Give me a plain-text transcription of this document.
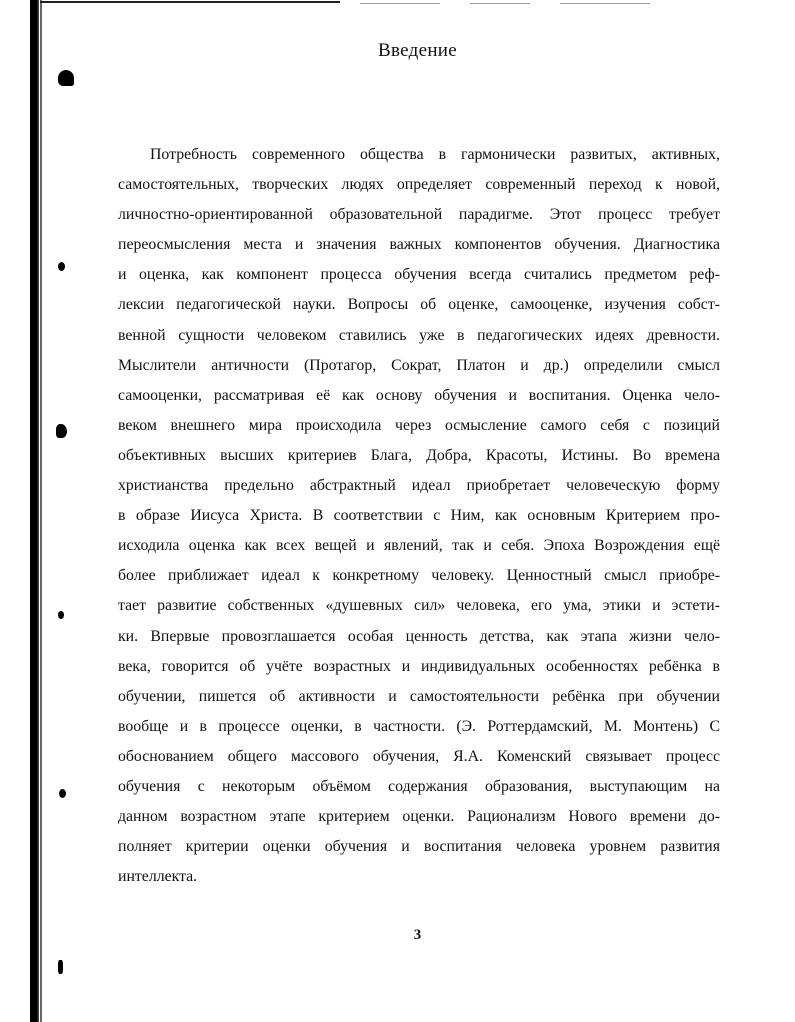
Введение
Потребность современного общества в гармонически развитых, активных,
самостоятельных, творческих людях определяет современный переход к новой,
личностно-ориентированной образовательной парадигме. Этот процесс требует
переосмысления места и значения важных компонентов обучения. Диагностика
и оценка, как компонент процесса обучения всегда считались предметом реф-
лексии педагогической науки. Вопросы об оценке, самооценке, изучения собст-
венной сущности человеком ставились уже в педагогических идеях древности.
Мыслители античности (Протагор, Сократ, Платон и др.) определили смысл
самооценки, рассматривая её как основу обучения и воспитания. Оценка чело-
веком внешнего мира происходила через осмысление самого себя с позиций
объективных высших критериев Блага, Добра, Красоты, Истины. Во времена
христианства предельно абстрактный идеал приобретает человеческую форму
в образе Иисуса Христа. В соответствии с Ним, как основным Критерием про-
исходила оценка как всех вещей и явлений, так и себя. Эпоха Возрождения ещё
более приближает идеал к конкретному человеку. Ценностный смысл приобре-
тает развитие собственных «душевных сил» человека, его ума, этики и эстети-
ки. Впервые провозглашается особая ценность детства, как этапа жизни чело-
века, говорится об учёте возрастных и индивидуальных особенностях ребёнка в
обучении, пишется об активности и самостоятельности ребёнка при обучении
вообще и в процессе оценки, в частности. (Э. Роттердамский, М. Монтень) С
обоснованием общего массового обучения, Я.А. Коменский связывает процесс
обучения с некоторым объёмом содержания образования, выступающим на
данном возрастном этапе критерием оценки. Рационализм Нового времени до-
полняет критерии оценки обучения и воспитания человека уровнем развития
интеллекта.
3
